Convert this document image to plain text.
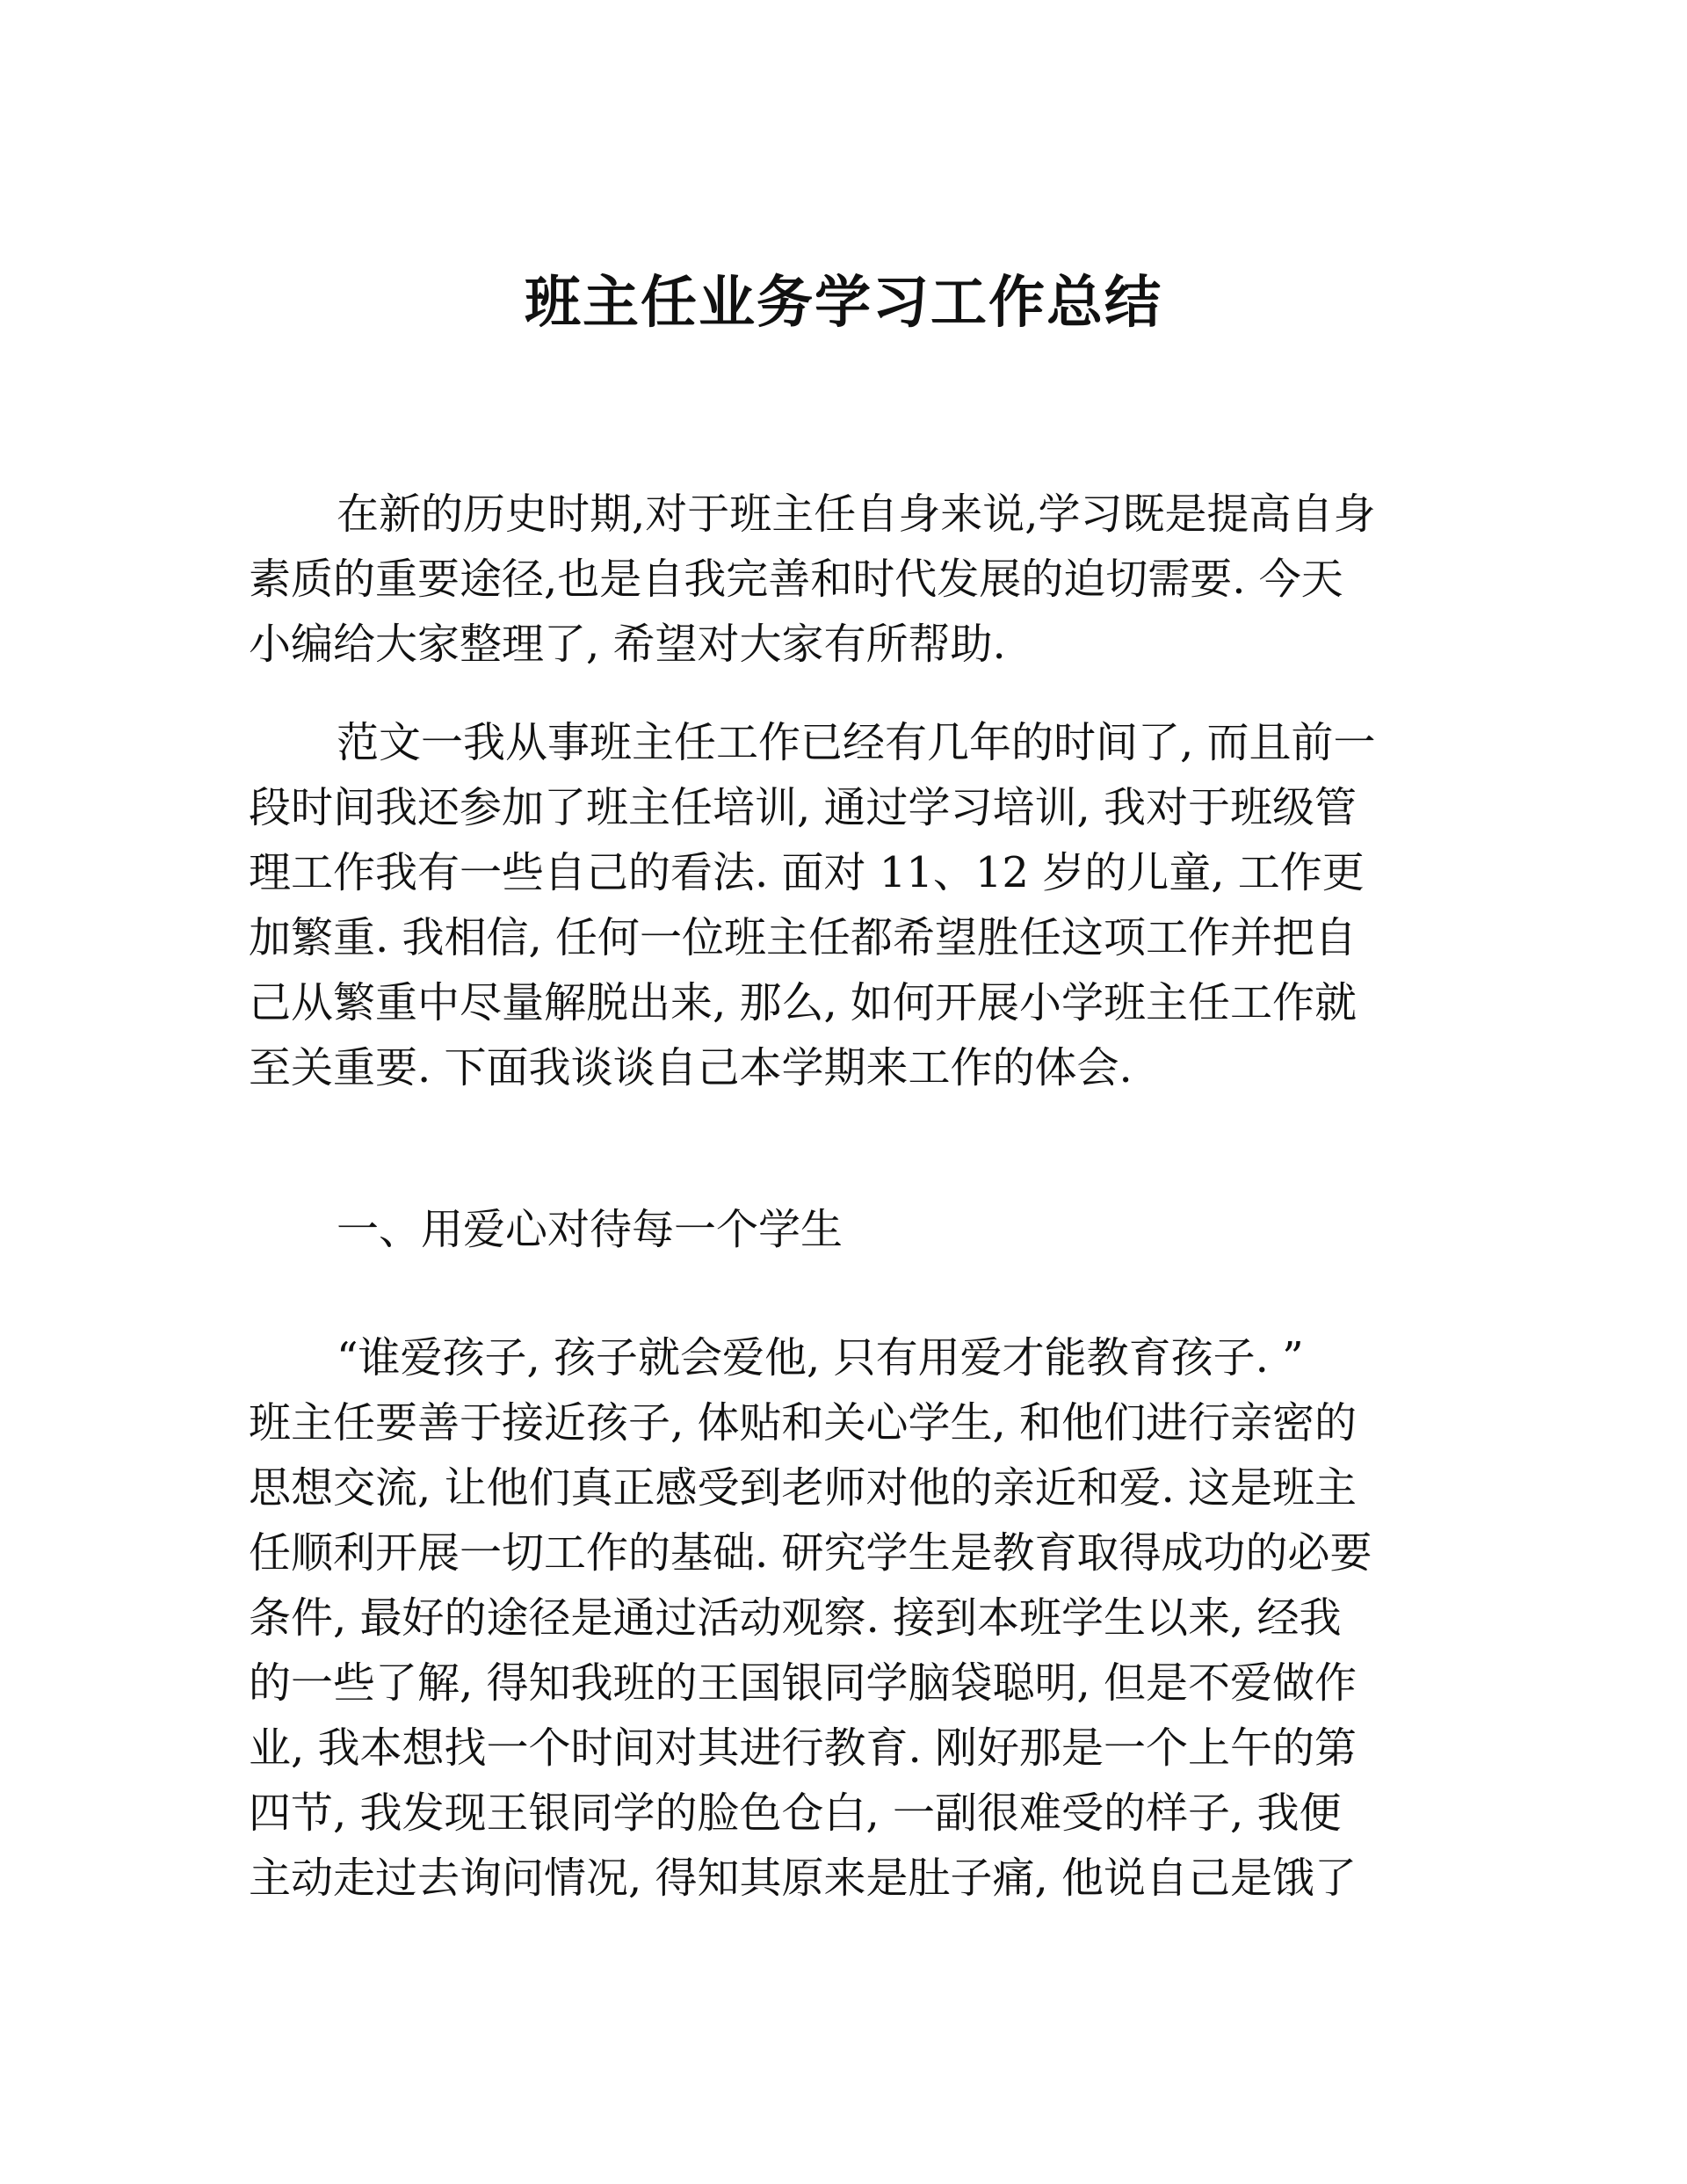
班主任业务学习工作总结

在新的历史时期,对于班主任自身来说,学习既是提高自身
素质的重要途径,也是自我完善和时代发展的迫切需要. 今天
小编给大家整理了, 希望对大家有所帮助.

范文一我从事班主任工作已经有几年的时间了, 而且前一
段时间我还参加了班主任培训, 通过学习培训, 我对于班级管
理工作我有一些自己的看法. 面对 11、12 岁的儿童, 工作更
加繁重. 我相信, 任何一位班主任都希望胜任这项工作并把自
己从繁重中尽量解脱出来, 那么, 如何开展小学班主任工作就
至关重要. 下面我谈谈自己本学期来工作的体会.

一、用爱心对待每一个学生

“谁爱孩子, 孩子就会爱他, 只有用爱才能教育孩子. ”
班主任要善于接近孩子, 体贴和关心学生, 和他们进行亲密的
思想交流, 让他们真正感受到老师对他的亲近和爱. 这是班主
任顺利开展一切工作的基础. 研究学生是教育取得成功的必要
条件, 最好的途径是通过活动观察. 接到本班学生以来, 经我
的一些了解, 得知我班的王国银同学脑袋聪明, 但是不爱做作
业, 我本想找一个时间对其进行教育. 刚好那是一个上午的第
四节, 我发现王银同学的脸色仓白, 一副很难受的样子, 我便
主动走过去询问情况, 得知其原来是肚子痛, 他说自己是饿了
